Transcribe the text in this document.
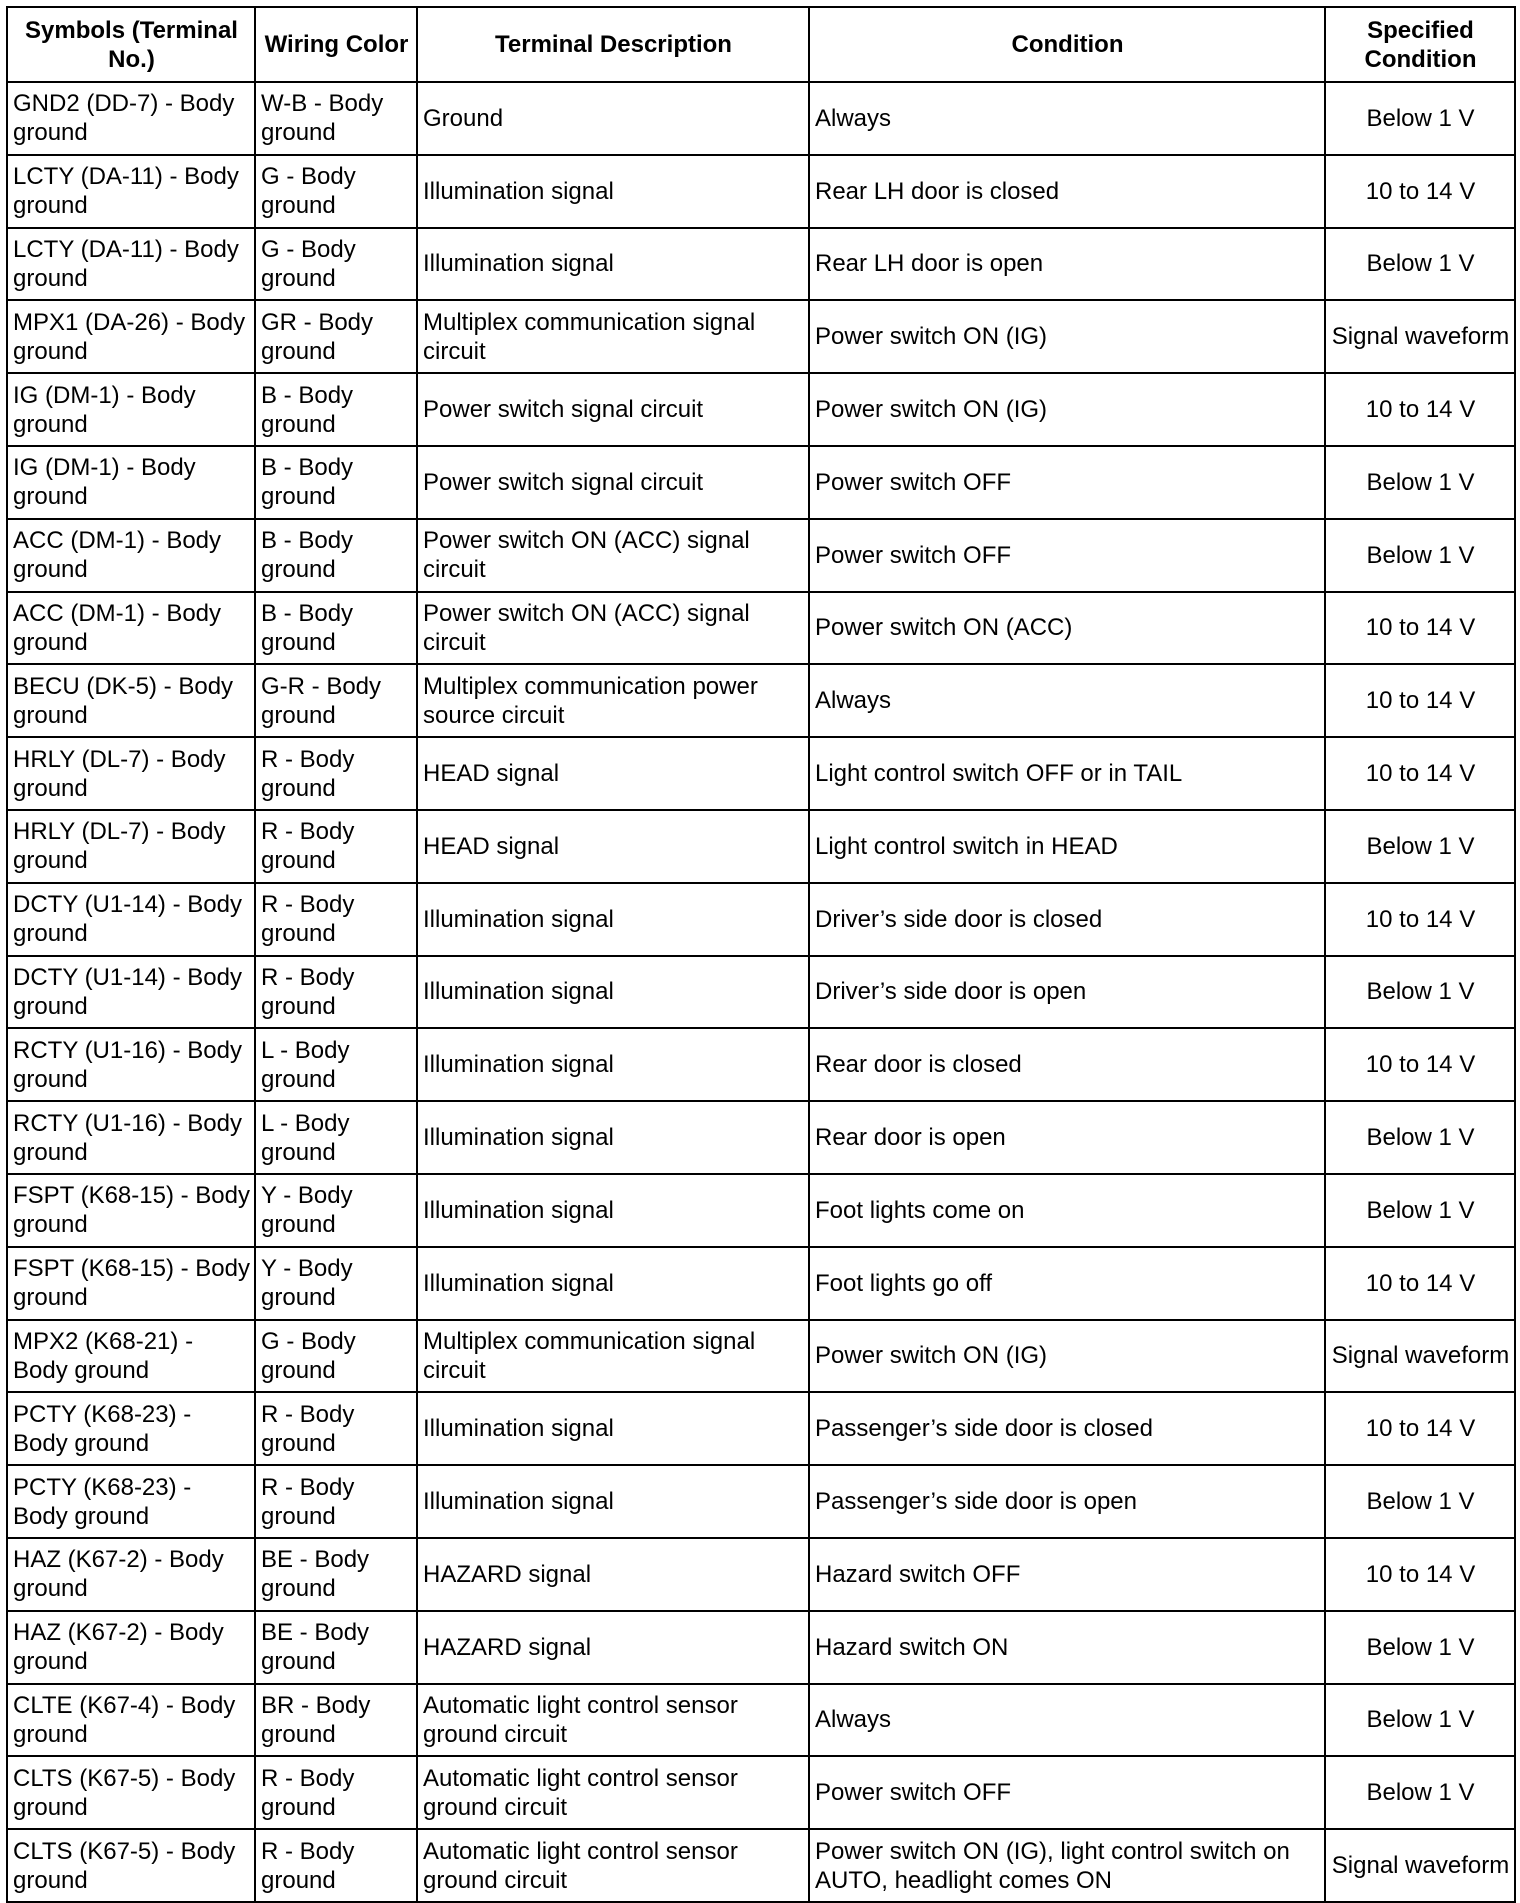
Symbols (Terminal No.)	Wiring Color	Terminal Description	Condition	Specified Condition
GND2 (DD-7) - Body ground	W-B - Body ground	Ground	Always	Below 1 V
LCTY (DA-11) - Body ground	G - Body ground	Illumination signal	Rear LH door is closed	10 to 14 V
LCTY (DA-11) - Body ground	G - Body ground	Illumination signal	Rear LH door is open	Below 1 V
MPX1 (DA-26) - Body ground	GR - Body ground	Multiplex communication signal circuit	Power switch ON (IG)	Signal waveform
IG (DM-1) - Body ground	B - Body ground	Power switch signal circuit	Power switch ON (IG)	10 to 14 V
IG (DM-1) - Body ground	B - Body ground	Power switch signal circuit	Power switch OFF	Below 1 V
ACC (DM-1) - Body ground	B - Body ground	Power switch ON (ACC) signal circuit	Power switch OFF	Below 1 V
ACC (DM-1) - Body ground	B - Body ground	Power switch ON (ACC) signal circuit	Power switch ON (ACC)	10 to 14 V
BECU (DK-5) - Body ground	G-R - Body ground	Multiplex communication power source circuit	Always	10 to 14 V
HRLY (DL-7) - Body ground	R - Body ground	HEAD signal	Light control switch OFF or in TAIL	10 to 14 V
HRLY (DL-7) - Body ground	R - Body ground	HEAD signal	Light control switch in HEAD	Below 1 V
DCTY (U1-14) - Body ground	R - Body ground	Illumination signal	Driver’s side door is closed	10 to 14 V
DCTY (U1-14) - Body ground	R - Body ground	Illumination signal	Driver’s side door is open	Below 1 V
RCTY (U1-16) - Body ground	L - Body ground	Illumination signal	Rear door is closed	10 to 14 V
RCTY (U1-16) - Body ground	L - Body ground	Illumination signal	Rear door is open	Below 1 V
FSPT (K68-15) - Body ground	Y - Body ground	Illumination signal	Foot lights come on	Below 1 V
FSPT (K68-15) - Body ground	Y - Body ground	Illumination signal	Foot lights go off	10 to 14 V
MPX2 (K68-21) - Body ground	G - Body ground	Multiplex communication signal circuit	Power switch ON (IG)	Signal waveform
PCTY (K68-23) - Body ground	R - Body ground	Illumination signal	Passenger’s side door is closed	10 to 14 V
PCTY (K68-23) - Body ground	R - Body ground	Illumination signal	Passenger’s side door is open	Below 1 V
HAZ (K67-2) - Body ground	BE - Body ground	HAZARD signal	Hazard switch OFF	10 to 14 V
HAZ (K67-2) - Body ground	BE - Body ground	HAZARD signal	Hazard switch ON	Below 1 V
CLTE (K67-4) - Body ground	BR - Body ground	Automatic light control sensor ground circuit	Always	Below 1 V
CLTS (K67-5) - Body ground	R - Body ground	Automatic light control sensor ground circuit	Power switch OFF	Below 1 V
CLTS (K67-5) - Body ground	R - Body ground	Automatic light control sensor ground circuit	Power switch ON (IG), light control switch on AUTO, headlight comes ON	Signal waveform
